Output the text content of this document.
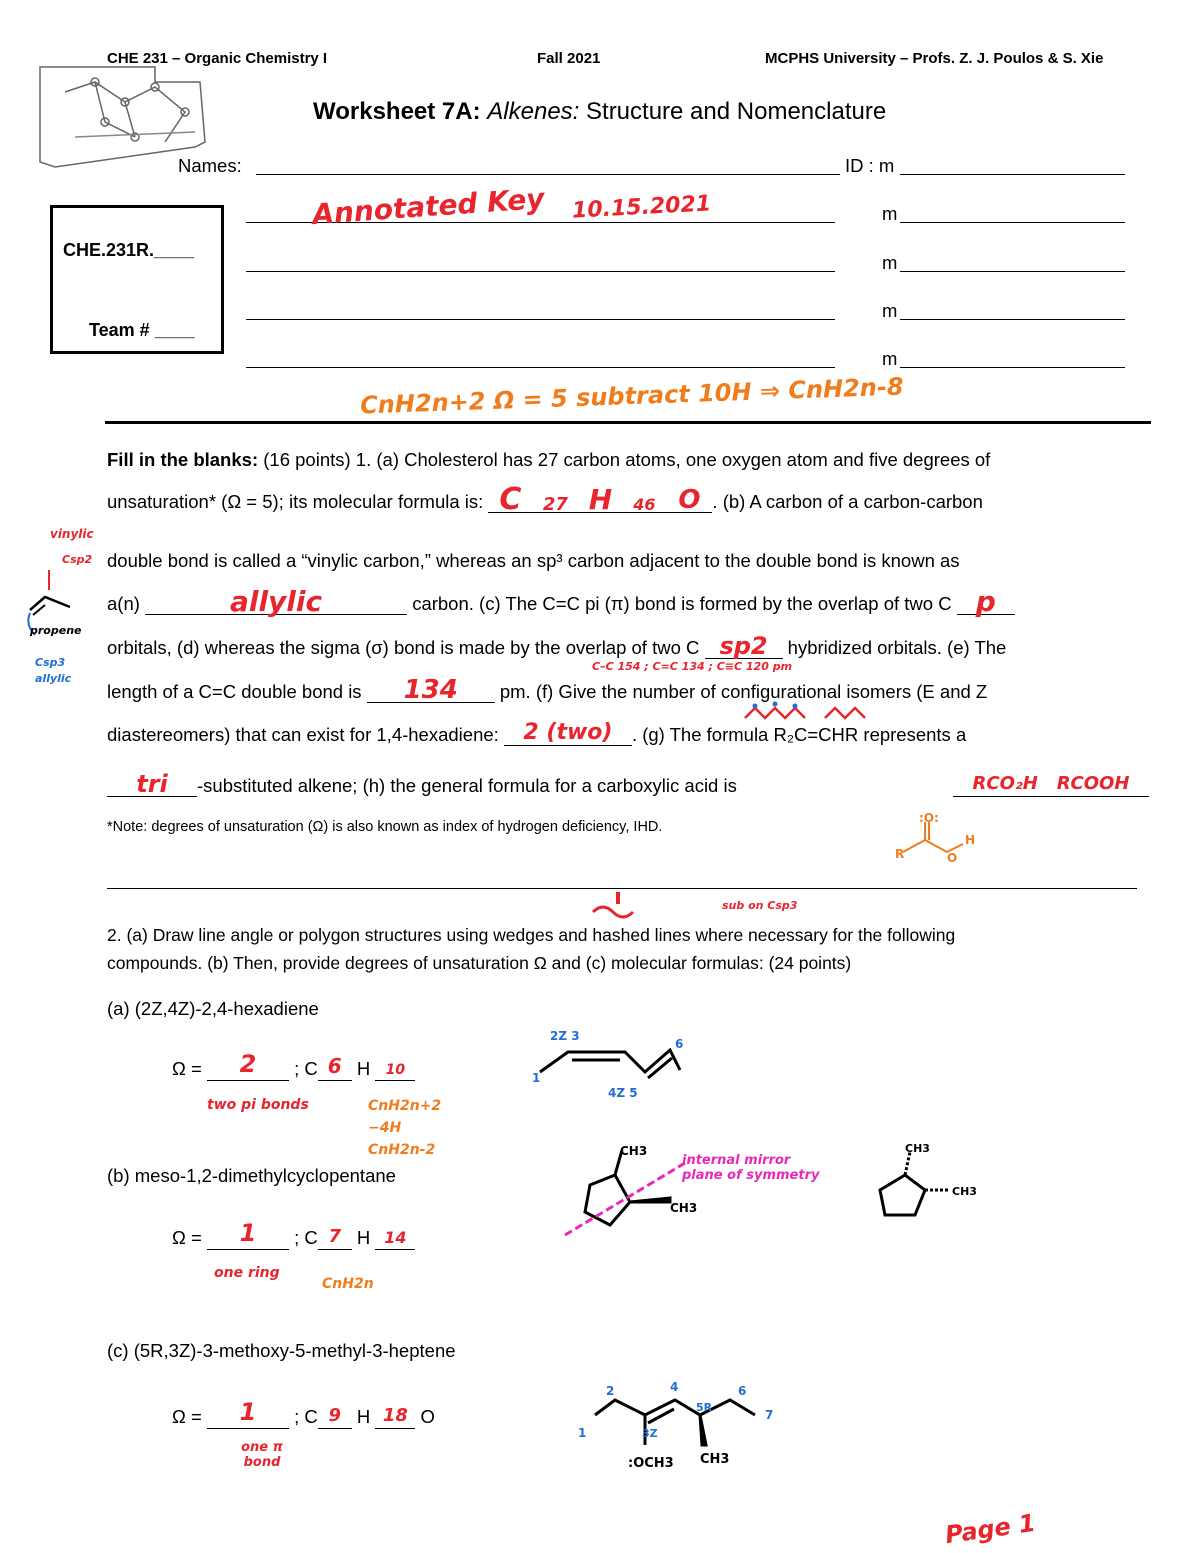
CHE 231 – Organic Chemistry I	Fall 2021	MCPHS University – Profs. Z. J. Poulos & S. Xie
Worksheet 7A: Alkenes: Structure and Nomenclature
Names:	ID : m
CHE.231R.____
Team # ____
m
m
m
m
Annotated Key 10.15.2021
CnH2n+2 Ω = 5 subtract 10H ⇒ CnH2n-8
Fill in the blanks: (16 points) 1. (a) Cholesterol has 27 carbon atoms, one oxygen atom and five degrees of
unsaturation* (Ω = 5); its molecular formula is: C
	27
H
	46
O . (b) A carbon of a carbon-carbon
double bond is called a “vinylic carbon,” whereas an sp³ carbon adjacent to the double bond is known as
a(n)	allylic	carbon. (c) The C=C pi (π) bond is formed by the overlap of two C p

orbitals, (d) whereas the sigma (σ) bond is made by the overlap of two C sp2	hybridized orbitals. (e) The
C–C 154 ; C=C 134 ; C≡C 120 pm
length of a C=C double bond is	134	pm. (f) Give the number of configurational isomers (E and Z
diastereomers) that can exist for 1,4-hexadiene:	2 (two)	. (g) The formula R₂C=CHR represents a
tri	-substituted alkene; (h) the general formula for a carboxylic acid is	RCO₂H RCOOH

*Note: degrees of unsaturation (Ω) is also known as index of hydrogen deficiency, IHD.
R
:O:
O
H
sub on Csp3
2. (a) Draw line angle or polygon structures using wedges and hashed lines where necessary for the following
compounds. (b) Then, provide degrees of unsaturation Ω and (c) molecular formulas: (24 points)
(a) (2Z,4Z)-2,4-hexadiene
Ω =	2	; C 6 H	10

two pi bonds	CnH2n+2 −4H CnH2n-2
1
2Z 3
4Z 5
6
(b) meso-1,2-dimethylcyclopentane
Ω =	1	; C 7 H 14

one ring
CnH2n
CH3
CH3
internal mirror plane of symmetry
CH3
CH3
(c) (5R,3Z)-3-methoxy-5-methyl-3-heptene
Ω =	1	; C 9 H 18 O
one π bond
1
2	4
3Z
5R
6
7
:OCH3 CH3
vinylic
Csp2
propene
Csp3
allylic
Page 1
